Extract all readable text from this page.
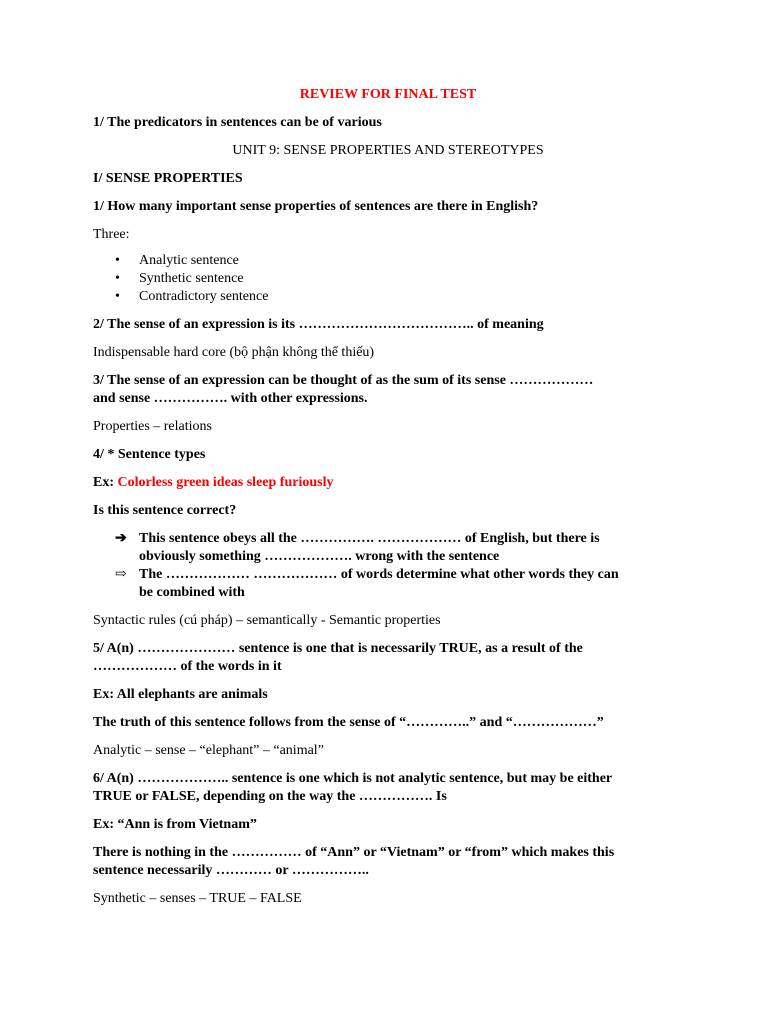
REVIEW FOR FINAL TEST

1/ The predicators in sentences can be of various

UNIT 9: SENSE PROPERTIES AND STEREOTYPES

I/ SENSE PROPERTIES

1/ How many important sense properties of sentences are there in English?

Three:

• Analytic sentence
• Synthetic sentence
• Contradictory sentence

2/ The sense of an expression is its ……………………………….. of meaning

Indispensable hard core (bộ phận không thể thiếu)

3/ The sense of an expression can be thought of as the sum of its sense ………………

and sense ……………. with other expressions.

Properties – relations

4/ * Sentence types

Ex: Colorless green ideas sleep furiously

Is this sentence correct?

➔ This sentence obeys all the ……………. ……………… of English, but there is
obviously something ………………. wrong with the sentence
⇨ The ……………… ……………… of words determine what other words they can
be combined with

Syntactic rules (cú pháp) – semantically - Semantic properties

5/ A(n) ………………… sentence is one that is necessarily TRUE, as a result of the

……………… of the words in it

Ex: All elephants are animals

The truth of this sentence follows from the sense of “…………..” and “………………”

Analytic – sense – “elephant” – “animal”

6/ A(n) ……………….. sentence is one which is not analytic sentence, but may be either

TRUE or FALSE, depending on the way the ……………. Is

Ex: “Ann is from Vietnam”

There is nothing in the …………… of “Ann” or “Vietnam” or “from” which makes this

sentence necessarily ………… or ……………..

Synthetic – senses – TRUE – FALSE
